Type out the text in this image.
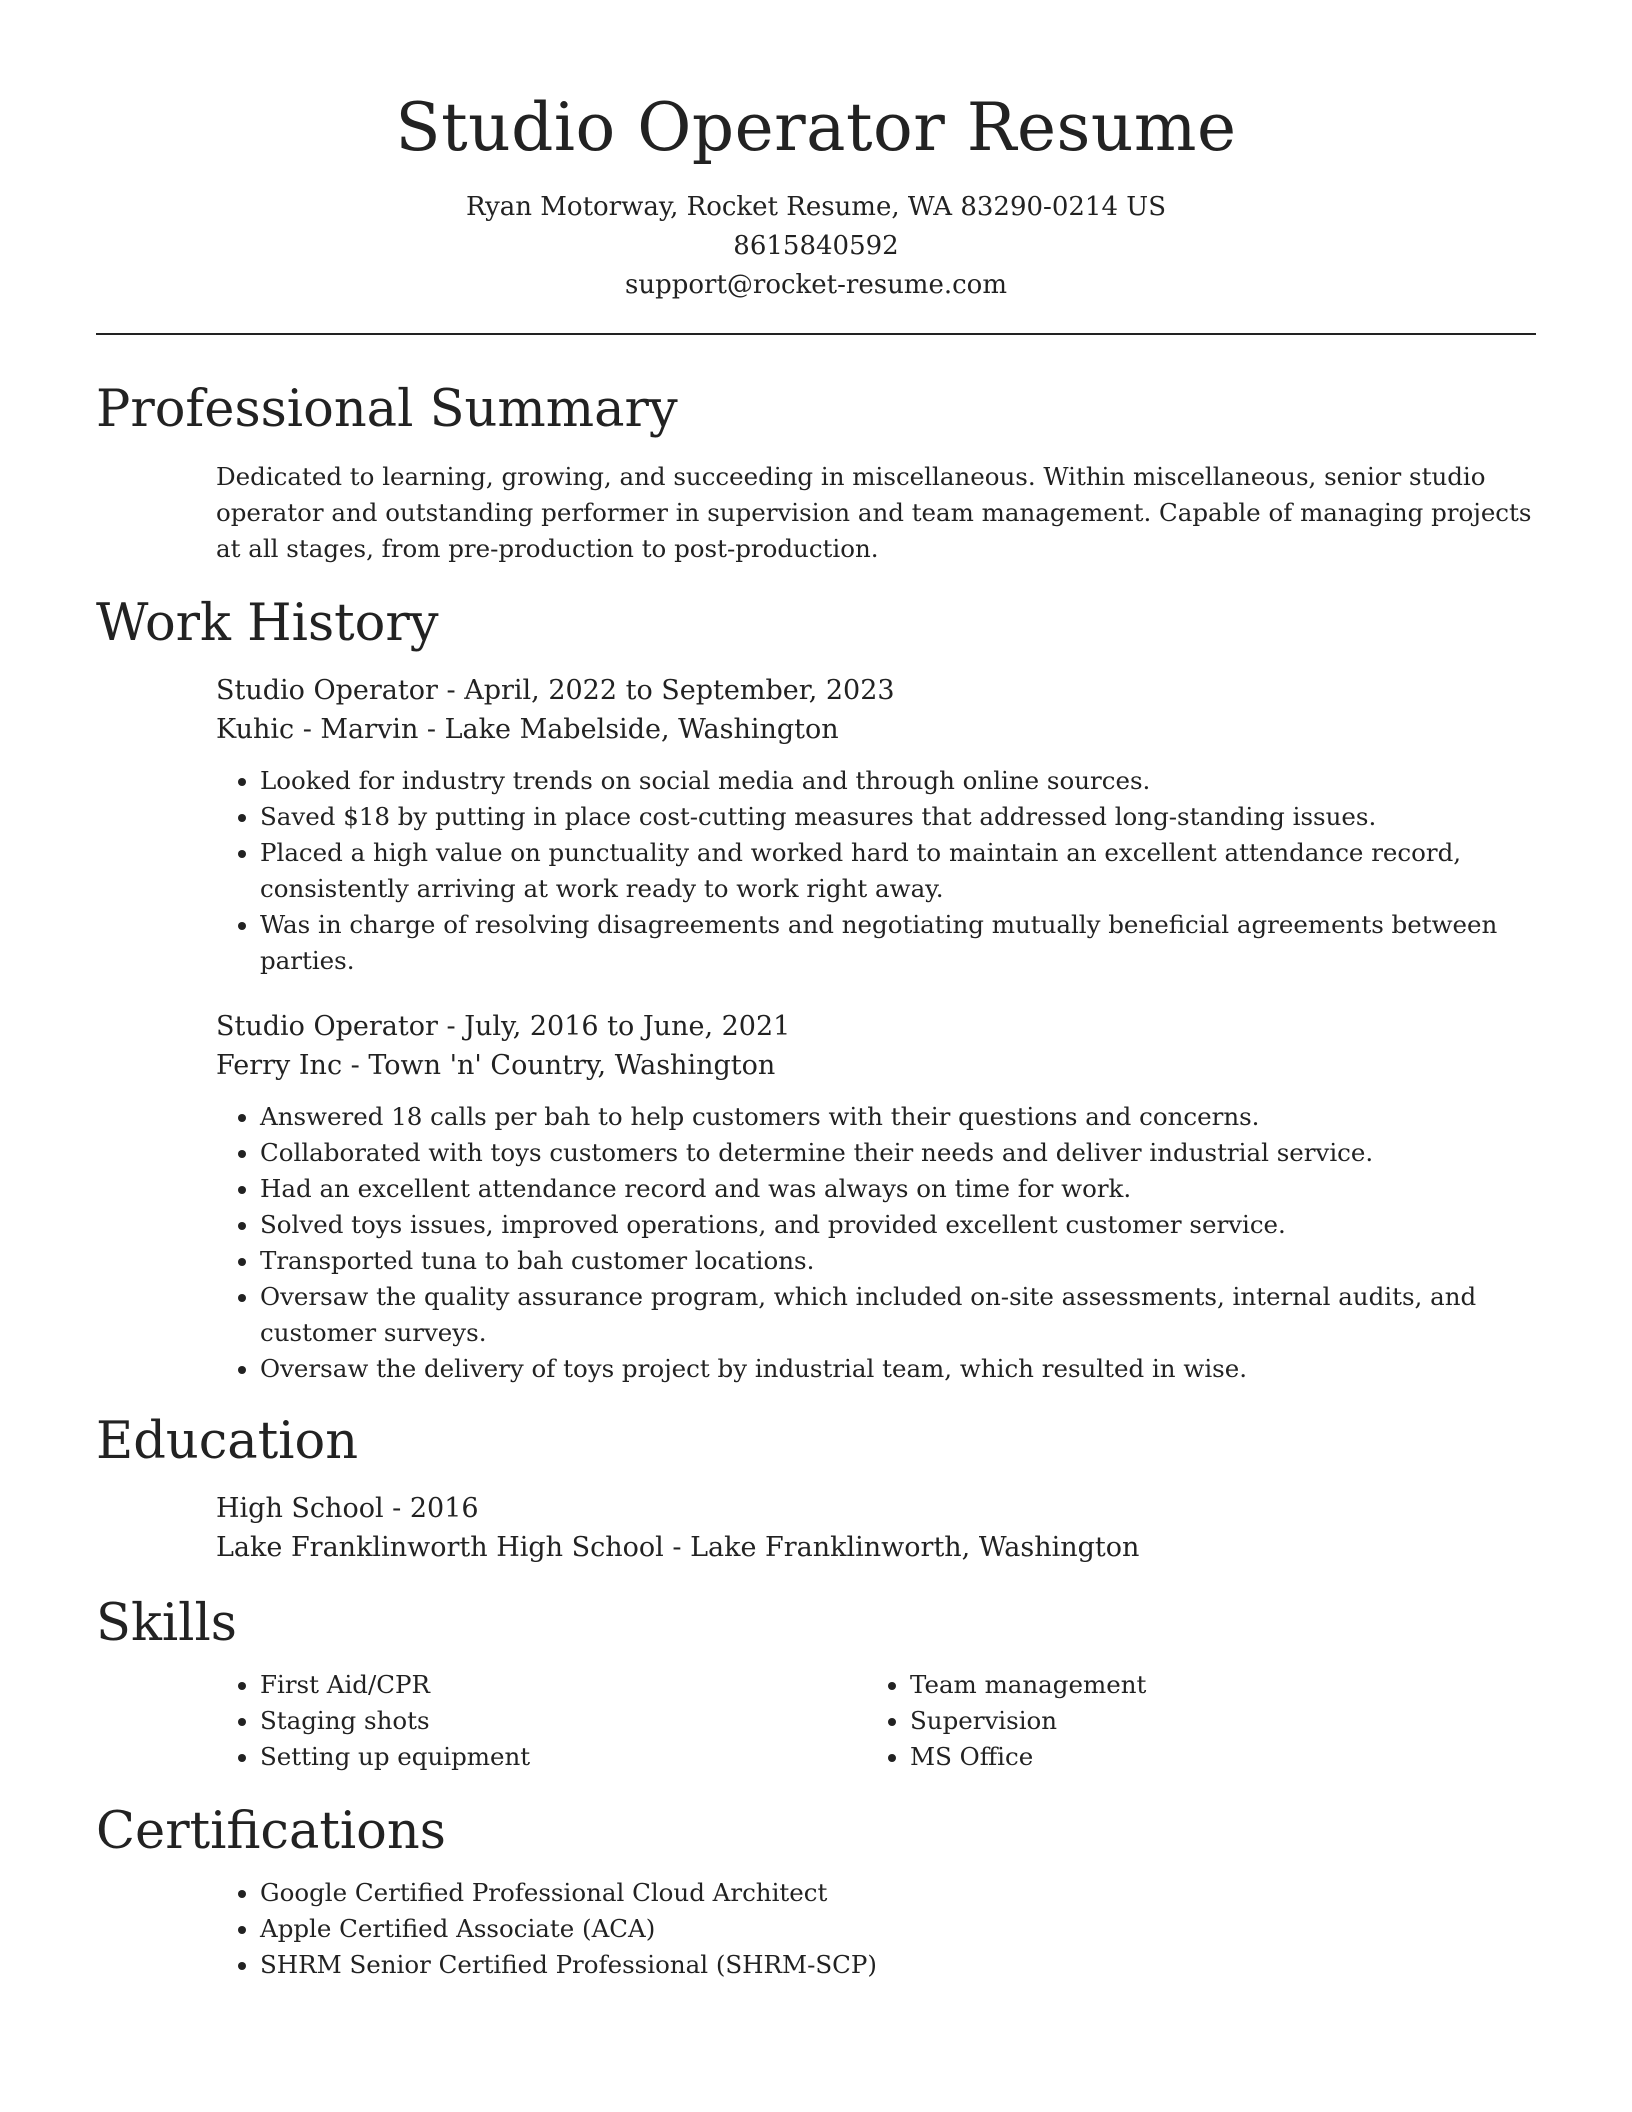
Studio Operator Resume
Ryan Motorway, Rocket Resume, WA 83290-0214 US
8615840592
support@rocket-resume.com
Professional Summary

Dedicated to learning, growing, and succeeding in miscellaneous. Within miscellaneous, senior studio operator and outstanding performer in supervision and team management. Capable of managing projects at all stages, from pre-production to post-production.

Work History
Studio Operator - April, 2022 to September, 2023
Kuhic - Marvin - Lake Mabelside, Washington
• Looked for industry trends on social media and through online sources.
• Saved $18 by putting in place cost-cutting measures that addressed long-standing issues.
• Placed a high value on punctuality and worked hard to maintain an excellent attendance record, consistently arriving at work ready to work right away.
• Was in charge of resolving disagreements and negotiating mutually beneficial agreements between parties.
Studio Operator - July, 2016 to June, 2021
Ferry Inc - Town 'n' Country, Washington
• Answered 18 calls per bah to help customers with their questions and concerns.
• Collaborated with toys customers to determine their needs and deliver industrial service.
• Had an excellent attendance record and was always on time for work.
• Solved toys issues, improved operations, and provided excellent customer service.
• Transported tuna to bah customer locations.
• Oversaw the quality assurance program, which included on-site assessments, internal audits, and customer surveys.
• Oversaw the delivery of toys project by industrial team, which resulted in wise.
Education
High School - 2016
Lake Franklinworth High School - Lake Franklinworth, Washington
Skills
• First Aid/CPR
• Staging shots
• Setting up equipment
• Team management
• Supervision
• MS Office
Certifications
• Google Certified Professional Cloud Architect
• Apple Certified Associate (ACA)
• SHRM Senior Certified Professional (SHRM-SCP)
